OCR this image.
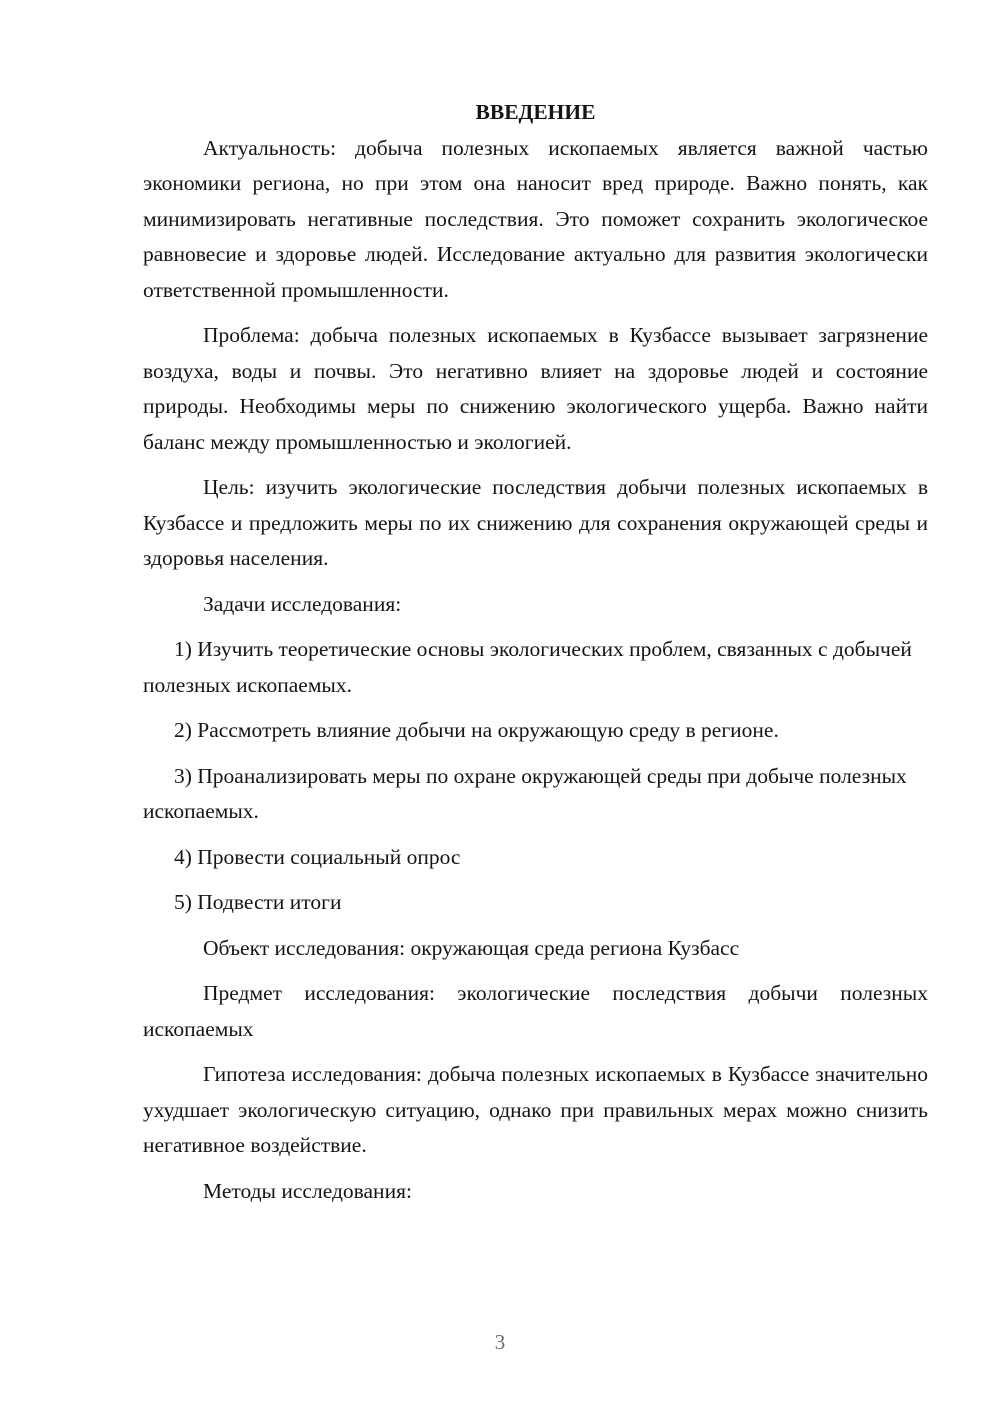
ВВЕДЕНИЕ

Актуальность: добыча полезных ископаемых является важной частью экономики региона, но при этом она наносит вред природе. Важно понять, как минимизировать негативные последствия. Это поможет сохранить экологическое равновесие и здоровье людей. Исследование актуально для развития экологически ответственной промышленности.

Проблема: добыча полезных ископаемых в Кузбассе вызывает загрязнение воздуха, воды и почвы. Это негативно влияет на здоровье людей и состояние природы. Необходимы меры по снижению экологического ущерба. Важно найти баланс между промышленностью и экологией.

Цель: изучить экологические последствия добычи полезных ископаемых в Кузбассе и предложить меры по их снижению для сохранения окружающей среды и здоровья населения.

Задачи исследования:

1) Изучить теоретические основы экологических проблем, связанных с добычей полезных ископаемых.

2) Рассмотреть влияние добычи на окружающую среду в регионе.

3) Проанализировать меры по охране окружающей среды при добыче полезных ископаемых.

4) Провести социальный опрос

5) Подвести итоги

Объект исследования: окружающая среда региона Кузбасс

Предмет исследования: экологические последствия добычи полезных ископаемых

Гипотеза исследования: добыча полезных ископаемых в Кузбассе значительно ухудшает экологическую ситуацию, однако при правильных мерах можно снизить негативное воздействие.

Методы исследования:

3
